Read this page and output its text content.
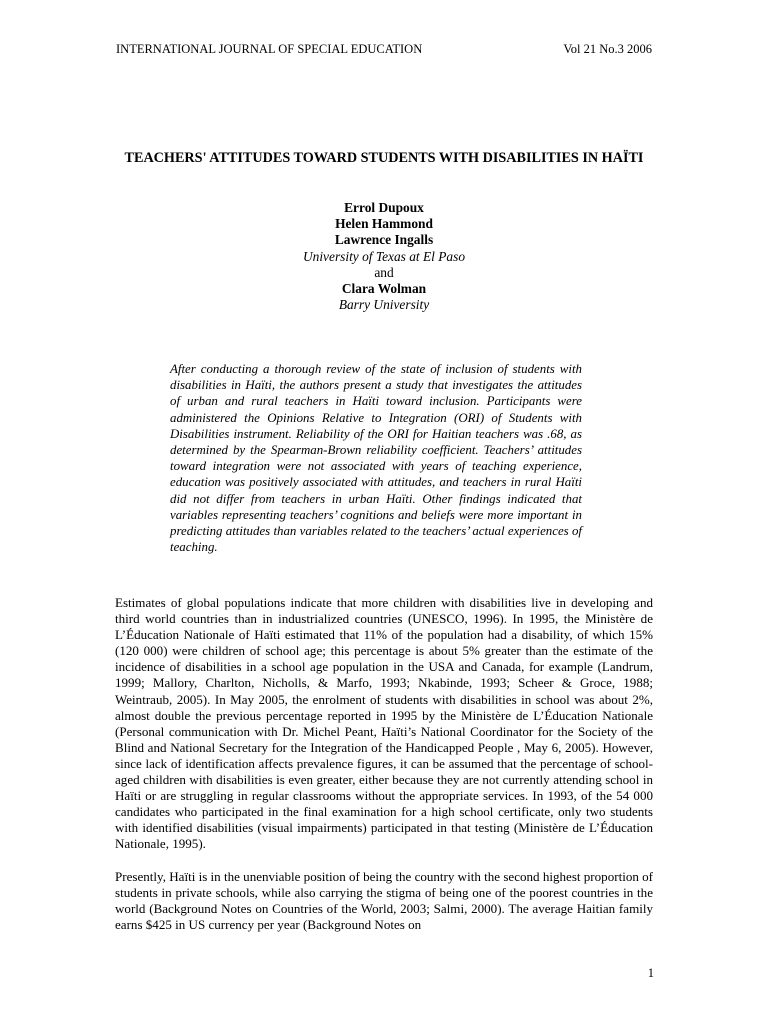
INTERNATIONAL JOURNAL OF SPECIAL EDUCATION	Vol 21 No.3 2006
TEACHERS' ATTITUDES TOWARD STUDENTS WITH DISABILITIES IN HAÏTI
Errol Dupoux
Helen Hammond
Lawrence Ingalls
University of Texas at El Paso
and
Clara Wolman
Barry University
After conducting a thorough review of the state of inclusion of students with disabilities in Haïti, the authors present a study that investigates the attitudes of urban and rural teachers in Haïti toward inclusion. Participants were administered the Opinions Relative to Integration (ORI) of Students with Disabilities instrument. Reliability of the ORI for Haitian teachers was .68, as determined by the Spearman-Brown reliability coefficient. Teachers’ attitudes toward integration were not associated with years of teaching experience, education was positively associated with attitudes, and teachers in rural Haïti did not differ from teachers in urban Haïti. Other findings indicated that variables representing teachers’ cognitions and beliefs were more important in predicting attitudes than variables related to the teachers’ actual experiences of teaching.
Estimates of global populations indicate that more children with disabilities live in developing and third world countries than in industrialized countries (UNESCO, 1996). In 1995, the Ministère de L’Éducation Nationale of Haïti estimated that 11% of the population had a disability, of which 15% (120 000) were children of school age; this percentage is about 5% greater than the estimate of the incidence of disabilities in a school age population in the USA and Canada, for example (Landrum, 1999; Mallory, Charlton, Nicholls, & Marfo, 1993; Nkabinde, 1993; Scheer & Groce, 1988; Weintraub, 2005). In May 2005, the enrolment of students with disabilities in school was about 2%, almost double the previous percentage reported in 1995 by the Ministère de L’Éducation Nationale (Personal communication with Dr. Michel Peant, Haïti’s National Coordinator for the Society of the Blind and National Secretary for the Integration of the Handicapped People , May 6, 2005). However, since lack of identification affects prevalence figures, it can be assumed that the percentage of school-aged children with disabilities is even greater, either because they are not currently attending school in Haïti or are struggling in regular classrooms without the appropriate services. In 1993, of the 54 000 candidates who participated in the final examination for a high school certificate, only two students with identified disabilities (visual impairments) participated in that testing (Ministère de L’Éducation Nationale, 1995).
Presently, Haïti is in the unenviable position of being the country with the second highest proportion of students in private schools, while also carrying the stigma of being one of the poorest countries in the world (Background Notes on Countries of the World, 2003; Salmi, 2000). The average Haitian family earns $425 in US currency per year (Background Notes on
1
